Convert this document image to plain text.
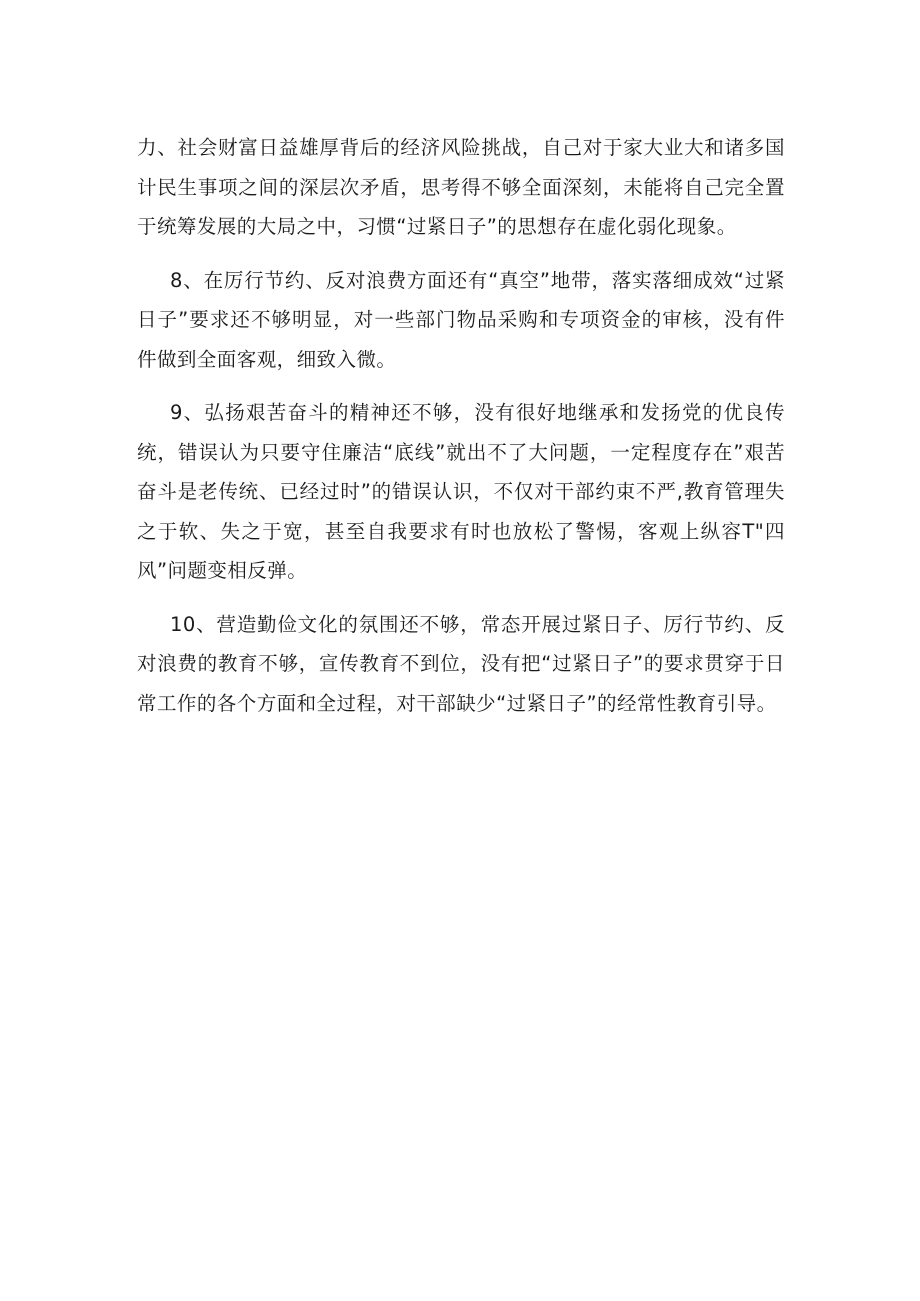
力、社会财富日益雄厚背后的经济风险挑战，自己对于家大业大和诸多国计民生事项之间的深层次矛盾，思考得不够全面深刻，未能将自己完全置于统筹发展的大局之中，习惯“过紧日子”的思想存在虚化弱化现象。

8、在厉行节约、反对浪费方面还有“真空”地带，落实落细成效“过紧日子”要求还不够明显，对一些部门物品采购和专项资金的审核，没有件件做到全面客观，细致入微。

9、弘扬艰苦奋斗的精神还不够，没有很好地继承和发扬党的优良传统，错误认为只要守住廉洁“底线”就出不了大问题，一定程度存在”艰苦奋斗是老传统、已经过时”的错误认识，不仅对干部约束不严,教育管理失之于软、失之于宽，甚至自我要求有时也放松了警惕，客观上纵容T"四风”问题变相反弹。

10、营造勤俭文化的氛围还不够，常态开展过紧日子、厉行节约、反对浪费的教育不够，宣传教育不到位，没有把“过紧日子”的要求贯穿于日常工作的各个方面和全过程，对干部缺少“过紧日子”的经常性教育引导。
